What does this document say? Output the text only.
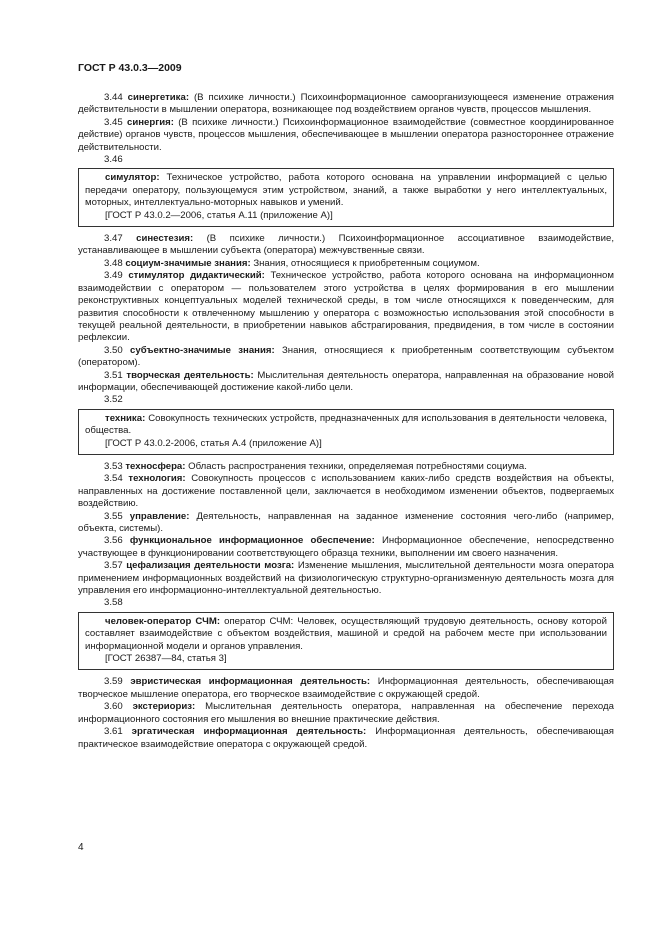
ГОСТ Р 43.0.3—2009

3.44 синергетика: (В психике личности.) Психоинформационное самоорганизующееся изменение отражения действительности в мышлении оператора, возникающее под воздействием органов чувств, процессов мышления.

3.45 синергия: (В психике личности.) Психоинформационное взаимодействие (совместное координированное действие) органов чувств, процессов мышления, обеспечивающее в мышлении оператора разностороннее отражение действительности.

3.46

симулятор: Техническое устройство, работа которого основана на управлении информацией с целью передачи оператору, пользующемуся этим устройством, знаний, а также выработки у него интеллектуальных, моторных, интеллектуально-моторных навыков и умений.

[ГОСТ Р 43.0.2—2006, статья А.11 (приложение А)]

3.47 синестезия: (В психике личности.) Психоинформационное ассоциативное взаимодействие, устанавливающее в мышлении субъекта (оператора) межчувственные связи.

3.48 социум-значимые знания: Знания, относящиеся к приобретенным социумом.

3.49 стимулятор дидактический: Техническое устройство, работа которого основана на информационном взаимодействии с оператором — пользователем этого устройства в целях формирования в его мышлении реконструктивных концептуальных моделей технической среды, в том числе относящихся к поведенческим, для развития способности к отвлеченному мышлению у оператора с возможностью использования этой способности в текущей реальной деятельности, в приобретении навыков абстрагирования, предвидения, в том числе в состоянии рефлексии.

3.50 субъектно-значимые знания: Знания, относящиеся к приобретенным соответствующим субъектом (оператором).

3.51 творческая деятельность: Мыслительная деятельность оператора, направленная на образование новой информации, обеспечивающей достижение какой-либо цели.

3.52

техника: Совокупность технических устройств, предназначенных для использования в деятельности человека, общества.

[ГОСТ Р 43.0.2-2006, статья А.4 (приложение А)]

3.53 техносфера: Область распространения техники, определяемая потребностями социума.

3.54 технология: Совокупность процессов с использованием каких-либо средств воздействия на объекты, направленных на достижение поставленной цели, заключается в необходимом изменении объектов, подвергаемых воздействию.

3.55 управление: Деятельность, направленная на заданное изменение состояния чего-либо (например, объекта, системы).

3.56 функциональное информационное обеспечение: Информационное обеспечение, непосредственно участвующее в функционировании соответствующего образца техники, выполнении им своего назначения.

3.57 цефализация деятельности мозга: Изменение мышления, мыслительной деятельности мозга оператора применением информационных воздействий на физиологическую структурно-организменную деятельность мозга для управления его информационно-интеллектуальной деятельностью.

3.58

человек-оператор СЧМ: оператор СЧМ: Человек, осуществляющий трудовую деятельность, основу которой составляет взаимодействие с объектом воздействия, машиной и средой на рабочем месте при использовании информационной модели и органов управления.

[ГОСТ 26387—84, статья 3]

3.59 эвристическая информационная деятельность: Информационная деятельность, обеспечивающая творческое мышление оператора, его творческое взаимодействие с окружающей средой.

3.60 экстериориз: Мыслительная деятельность оператора, направленная на обеспечение перехода информационного состояния его мышления во внешние практические действия.

3.61 эргатическая информационная деятельность: Информационная деятельность, обеспечивающая практическое взаимодействие оператора с окружающей средой.

4
